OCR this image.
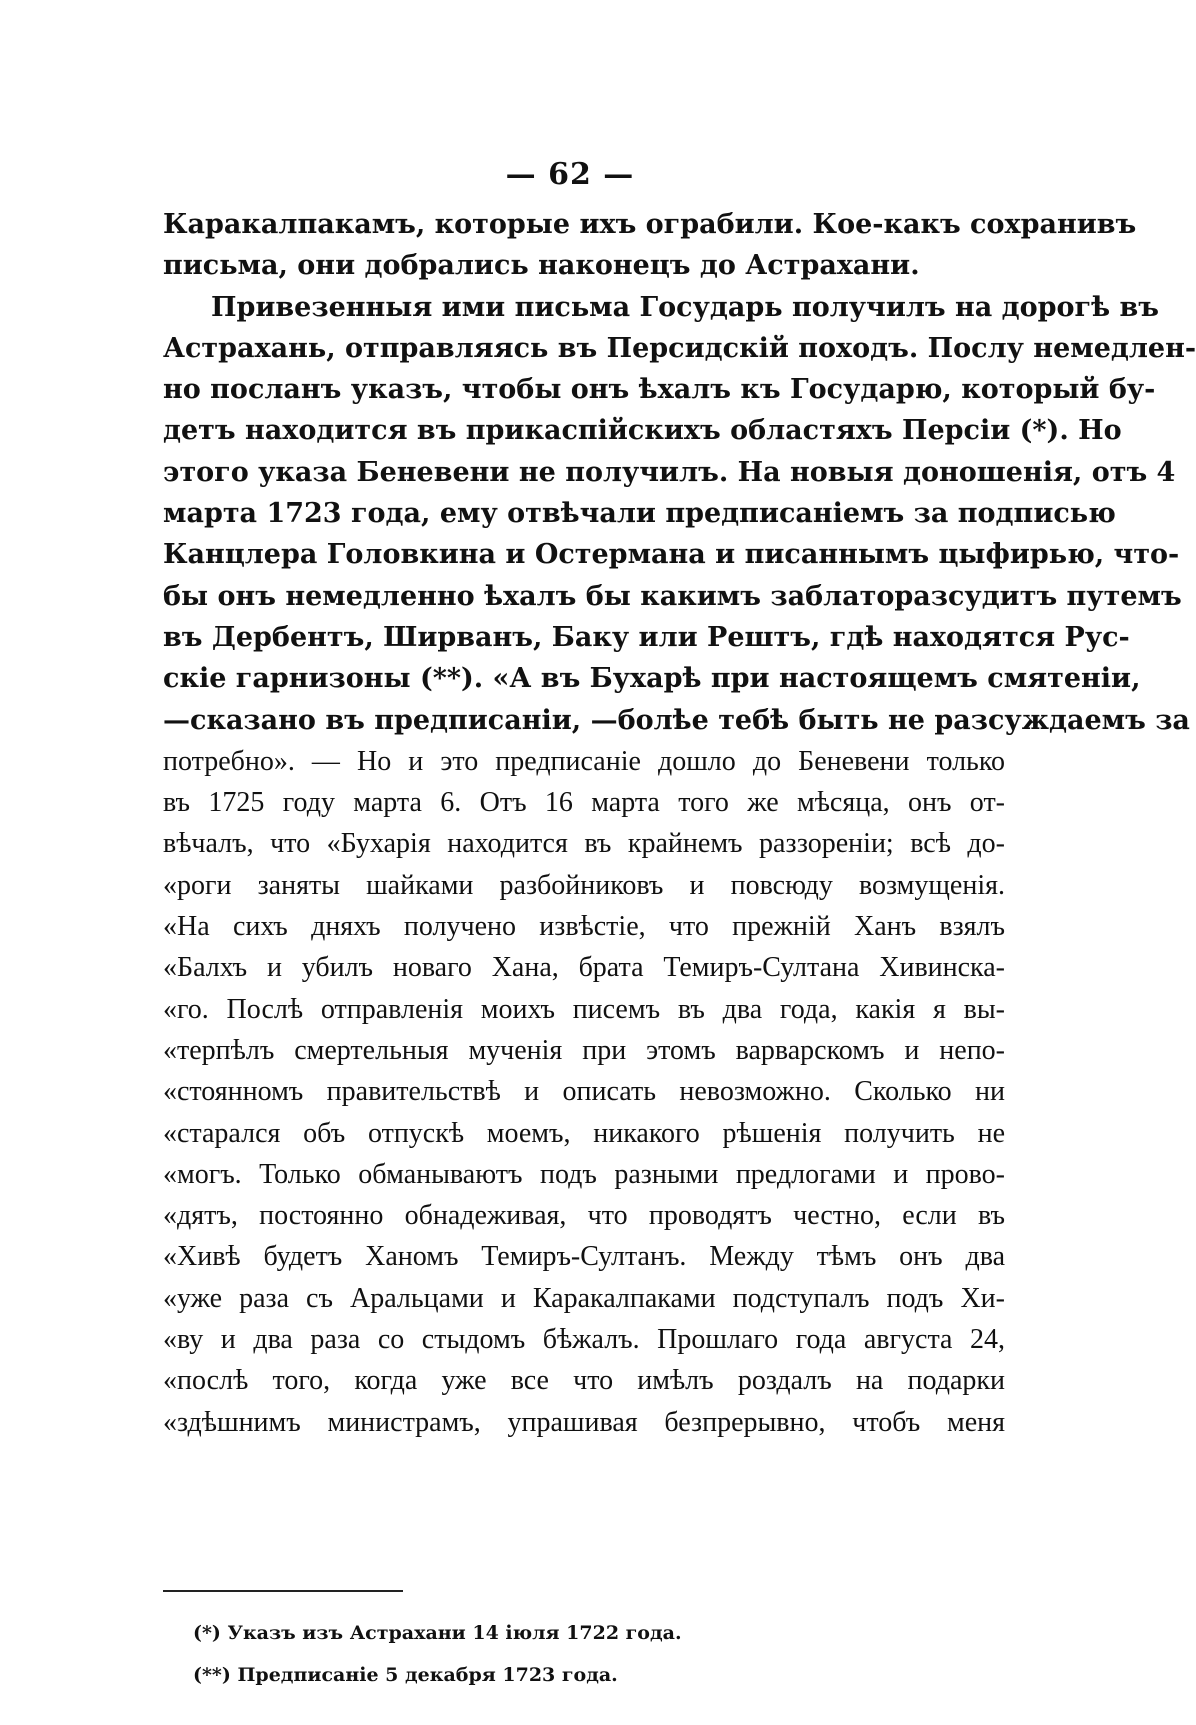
— 62 —
Каракалпакамъ, которые ихъ ограбили. Кое-какъ сохранивъ
письма, они добрались наконецъ до Астрахани.
Привезенныя ими письма Государь получилъ на дорогѣ въ
Астрахань, отправляясь въ Персидскій походъ. Послу немедлен-
но посланъ указъ, чтобы онъ ѣхалъ къ Государю, который бу-
детъ находится въ прикаспійскихъ областяхъ Персіи (*). Но
этого указа Беневени не получилъ. На новыя доношенія, отъ 4
марта 1723 года, ему отвѣчали предписаніемъ за подписью
Канцлера Головкина и Остермана и писаннымъ цыфирью, что-
бы онъ немедленно ѣхалъ бы какимъ заблаторазсудитъ путемъ
въ Дербентъ, Ширванъ, Баку или Рештъ, гдѣ находятся Рус-
скіе гарнизоны (**). «А въ Бухарѣ при настоящемъ смятеніи,
—сказано въ предписаніи, —болѣе тебѣ быть не разсуждаемъ за
потребно». — Но и это предписаніе дошло до Беневени только
въ 1725 году марта 6. Отъ 16 марта того же мѣсяца, онъ от-
вѣчалъ, что «Бухарія находится въ крайнемъ раззореніи; всѣ до-
«роги заняты шайками разбойниковъ и повсюду возмущенія.
«На сихъ дняхъ получено извѣстіе, что прежній Ханъ взялъ
«Балхъ и убилъ новаго Хана, брата Темиръ-Султана Хивинска-
«го. Послѣ отправленія моихъ писемъ въ два года, какія я вы-
«терпѣлъ смертельныя мученія при этомъ варварскомъ и непо-
«стоянномъ правительствѣ и описать невозможно. Сколько ни
«старался объ отпускѣ моемъ, никакого рѣшенія получить не
«могъ. Только обманываютъ подъ разными предлогами и прово-
«дятъ, постоянно обнадеживая, что проводятъ честно, если въ
«Хивѣ будетъ Ханомъ Темиръ-Султанъ. Между тѣмъ онъ два
«уже раза съ Аральцами и Каракалпаками подступалъ подъ Хи-
«ву и два раза со стыдомъ бѣжалъ. Прошлаго года августа 24,
«послѣ того, когда уже все что имѣлъ роздалъ на подарки
«здѣшнимъ министрамъ, упрашивая безпрерывно, чтобъ меня
(*) Указъ изъ Астрахани 14 іюля 1722 года.
(**) Предписаніе 5 декабря 1723 года.
